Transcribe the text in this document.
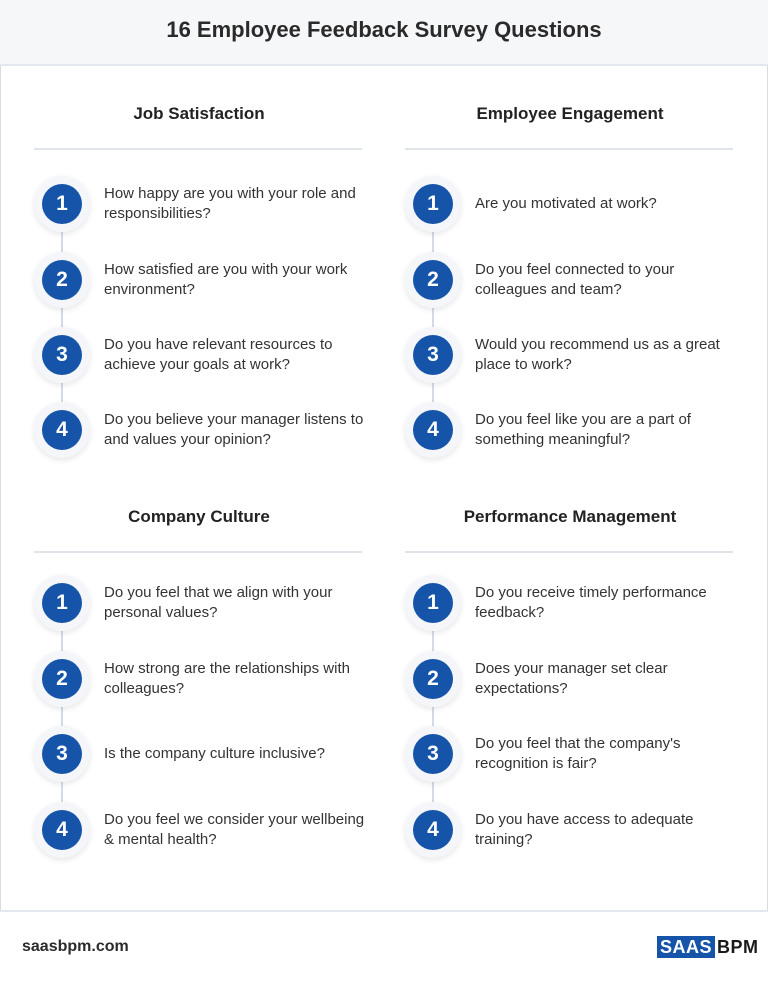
16 Employee Feedback Survey Questions
Job Satisfaction
1	How happy are you with your role and responsibilities?
2	How satisfied are you with your work environment?
3	Do you have relevant resources to achieve your goals at work?
4	Do you believe your manager listens to and values your opinion?
Employee Engagement
1	Are you motivated at work?
2	Do you feel connected to your colleagues and team?
3	Would you recommend us as a great place to work?
4	Do you feel like you are a part of something meaningful?
Company Culture
1	Do you feel that we align with your personal values?
2	How strong are the relationships with colleagues?
3	Is the company culture inclusive?
4	Do you feel we consider your wellbeing & mental health?
Performance Management
1	Do you receive timely performance feedback?
2	Does your manager set clear expectations?
3	Do you feel that the company's recognition is fair?
4	Do you have access to adequate training?
saasbpm.com	SAAS BPM
